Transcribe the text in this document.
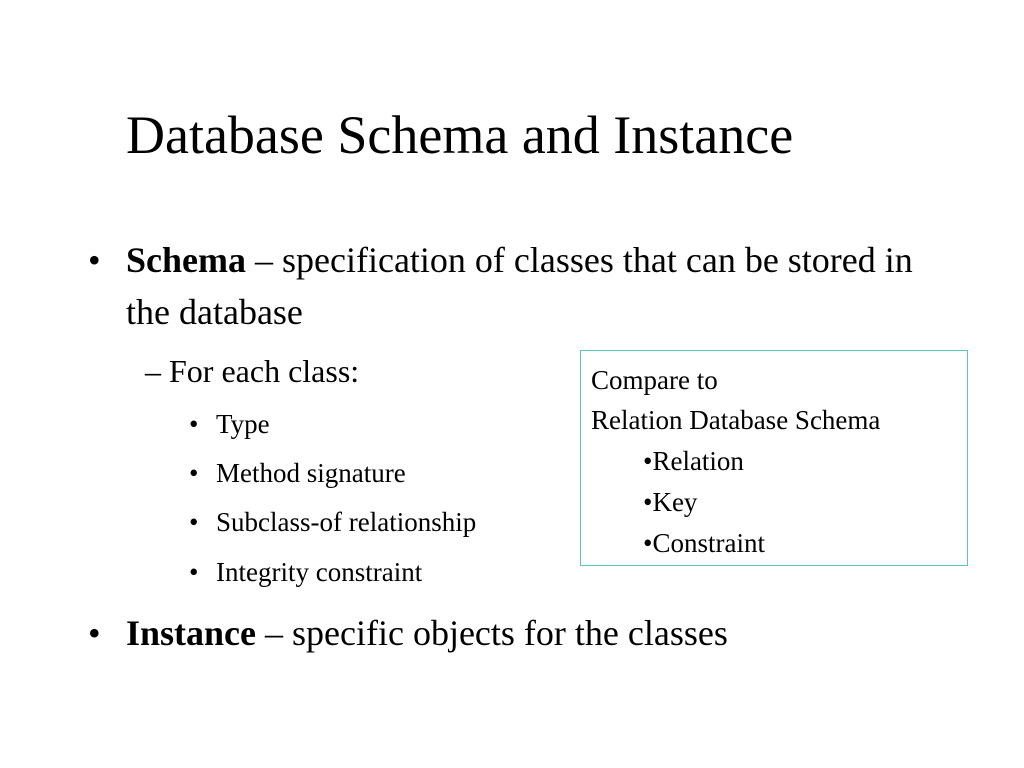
Database Schema and Instance
• Schema – specification of classes that can be stored in the database
– For each class:
• Type
• Method signature
• Subclass-of relationship
• Integrity constraint
• Instance – specific objects for the classes
Compare to
Relation Database Schema
•Relation
•Key
•Constraint
